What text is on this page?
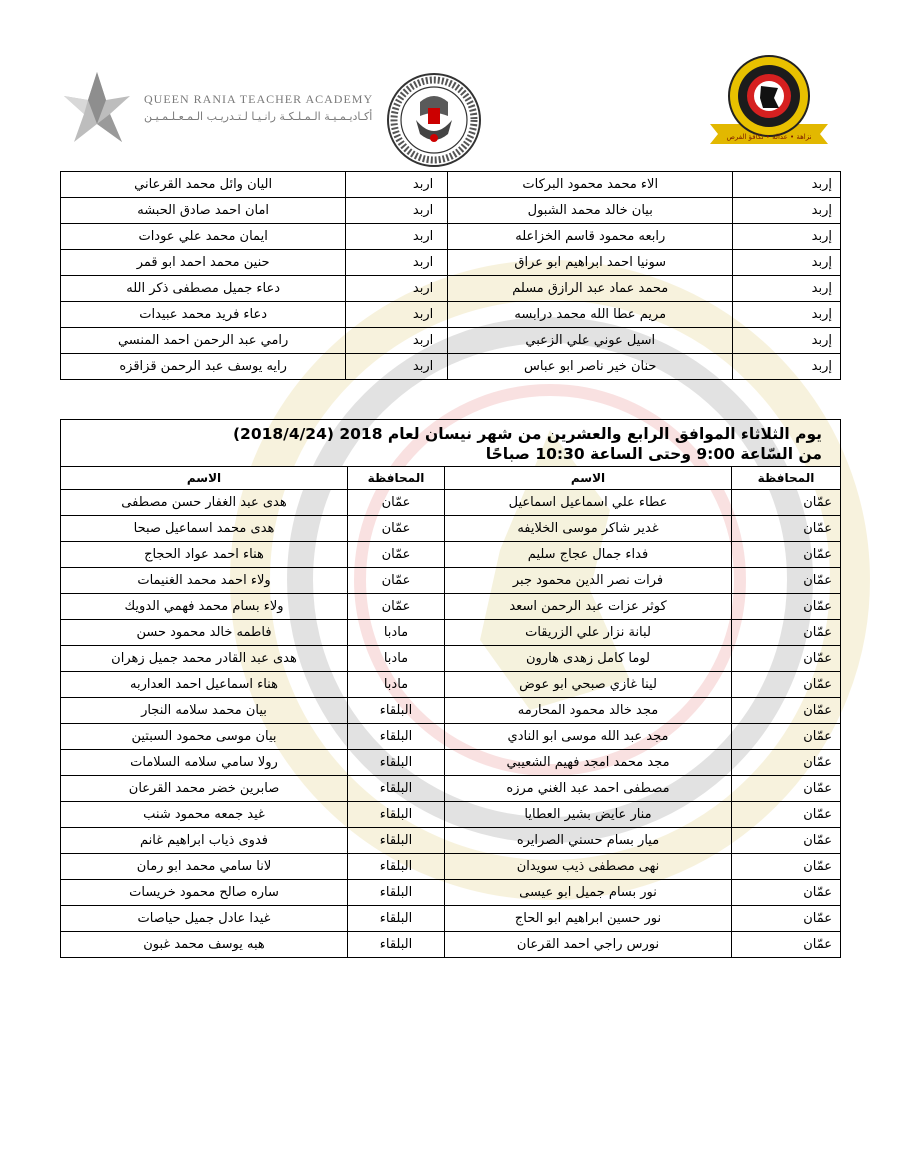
QUEEN RANIA TEACHER ACADEMY
أكـاديـمـيـة الـمـلـكـة رانـيـا لـتـدريـب الـمـعـلـمـيـن
نزاهة • عدالة • تكافؤ الفرص
إربد	الاء محمد محمود البركات	اربد	اليان وائل محمد القرعاني
إربد	بيان خالد محمد الشبول	اربد	امان احمد صادق الحبشه
إربد	رابعه محمود قاسم الخزاعله	اربد	ايمان محمد علي عودات
إربد	سونيا احمد ابراهيم ابو عراق	اربد	حنين محمد احمد ابو قمر
إربد	محمد عماد عبد الرازق مسلم	اربد	دعاء جميل مصطفى ذكر الله
إربد	مريم عطا الله محمد درابسه	اربد	دعاء فريد محمد عبيدات
إربد	اسيل عوني علي الزعبي	اربد	رامي عبد الرحمن احمد المنسي
إربد	حنان خير ناصر ابو عباس	اربد	رايه يوسف عبد الرحمن قزاقزه
يوم الثلاثاء الموافق الرابع والعشرين من شهر نيسان لعام 2018 (2018/4/24)
من السّاعة 9:00 وحتى الساعة 10:30 صباحًا			

المحافظة	الاسم	المحافظة	الاسم
عمّان	عطاء علي اسماعيل اسماعيل	عمّان	هدى عبد الغفار حسن مصطفى
عمّان	غدير شاكر موسى الخلايفه	عمّان	هدى محمد اسماعيل صبحا
عمّان	فداء جمال عجاج سليم	عمّان	هناء احمد عواد الحجاج
عمّان	فرات نصر الدين محمود جبر	عمّان	ولاء احمد محمد الغنيمات
عمّان	كوثر عزات عبد الرحمن اسعد	عمّان	ولاء بسام محمد فهمي الدويك
عمّان	لبانة نزار علي الزريقات	مادبا	فاطمه خالد محمود حسن
عمّان	لوما كامل زهدى هارون	مادبا	هدى عبد القادر محمد جميل زهران
عمّان	لينا غازي صبحي ابو عوض	مادبا	هناء اسماعيل احمد العداربه
عمّان	مجد خالد محمود المحارمه	البلقاء	بيان محمد سلامه النجار
عمّان	مجد عبد الله موسى ابو النادي	البلقاء	بيان موسى محمود السبتين
عمّان	مجد محمد امجد فهيم الشعيبي	البلقاء	رولا سامي سلامه السلامات
عمّان	مصطفى احمد عبد الغني مرزه	البلقاء	صابرين خضر محمد القرعان
عمّان	منار عايض بشير العطايا	البلقاء	غيد جمعه محمود شنب
عمّان	ميار بسام حسني الصرايره	البلقاء	فدوى ذياب ابراهيم غانم
عمّان	نهى مصطفى ذيب سويدان	البلقاء	لانا سامي محمد ابو رمان
عمّان	نور بسام جميل ابو عيسى	البلقاء	ساره صالح محمود خريسات
عمّان	نور حسين ابراهيم ابو الحاج	البلقاء	غيدا عادل جميل حياصات
عمّان	نورس راجي احمد القرعان	البلقاء	هبه يوسف محمد غبون
